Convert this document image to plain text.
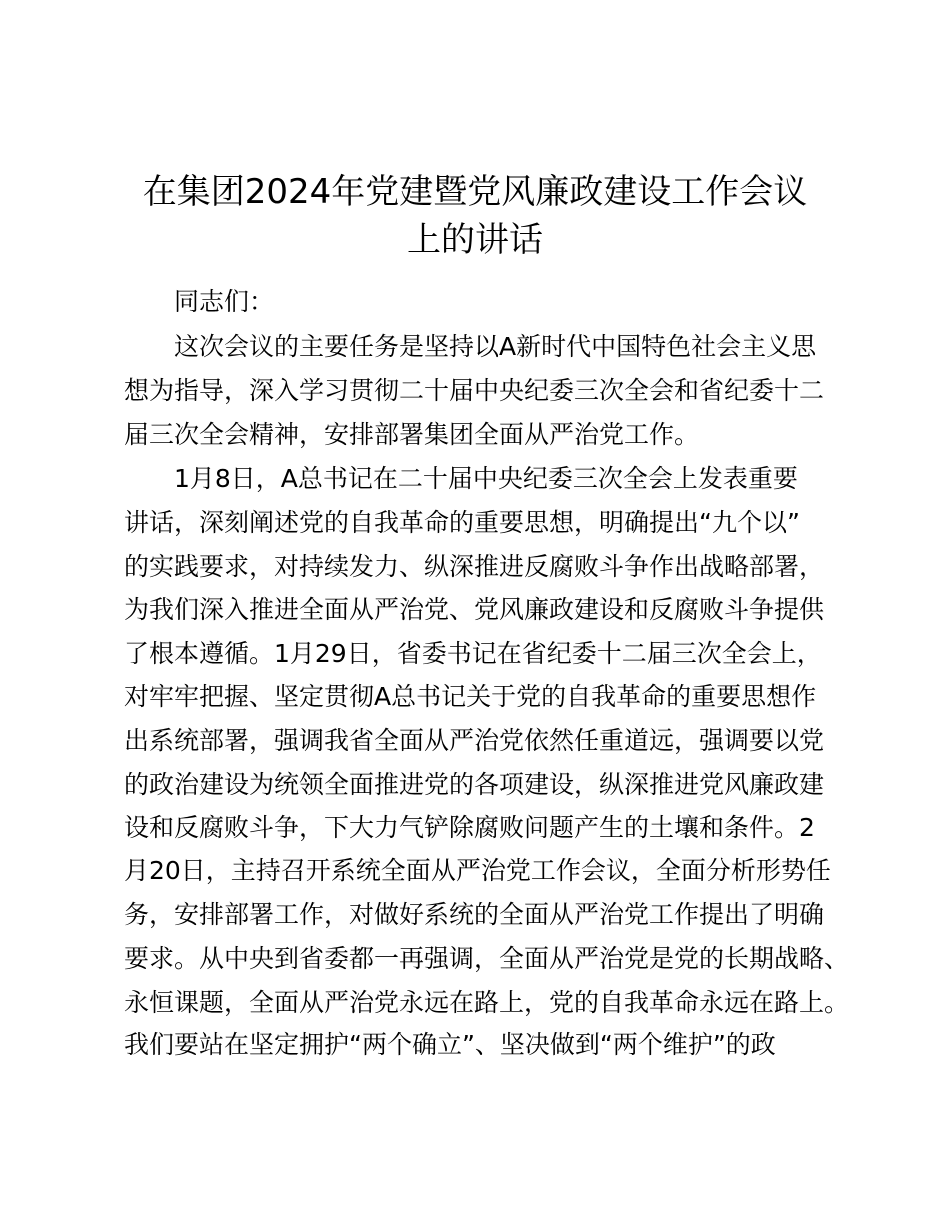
在集团2024年党建暨党风廉政建设工作会议
上的讲话
　　同志们：
　　这次会议的主要任务是坚持以A新时代中国特色社会主义思
想为指导，深入学习贯彻二十届中央纪委三次全会和省纪委十二
届三次全会精神，安排部署集团全面从严治党工作。
　　1月8日，A总书记在二十届中央纪委三次全会上发表重要
讲话，深刻阐述党的自我革命的重要思想，明确提出“九个以”
的实践要求，对持续发力、纵深推进反腐败斗争作出战略部署，
为我们深入推进全面从严治党、党风廉政建设和反腐败斗争提供
了根本遵循。1月29日，省委书记在省纪委十二届三次全会上，
对牢牢把握、坚定贯彻A总书记关于党的自我革命的重要思想作
出系统部署，强调我省全面从严治党依然任重道远，强调要以党
的政治建设为统领全面推进党的各项建设，纵深推进党风廉政建
设和反腐败斗争，下大力气铲除腐败问题产生的土壤和条件。2
月20日，主持召开系统全面从严治党工作会议，全面分析形势任
务，安排部署工作，对做好系统的全面从严治党工作提出了明确
要求。从中央到省委都一再强调，全面从严治党是党的长期战略、
永恒课题，全面从严治党永远在路上，党的自我革命永远在路上。
我们要站在坚定拥护“两个确立”、坚决做到“两个维护”的政
